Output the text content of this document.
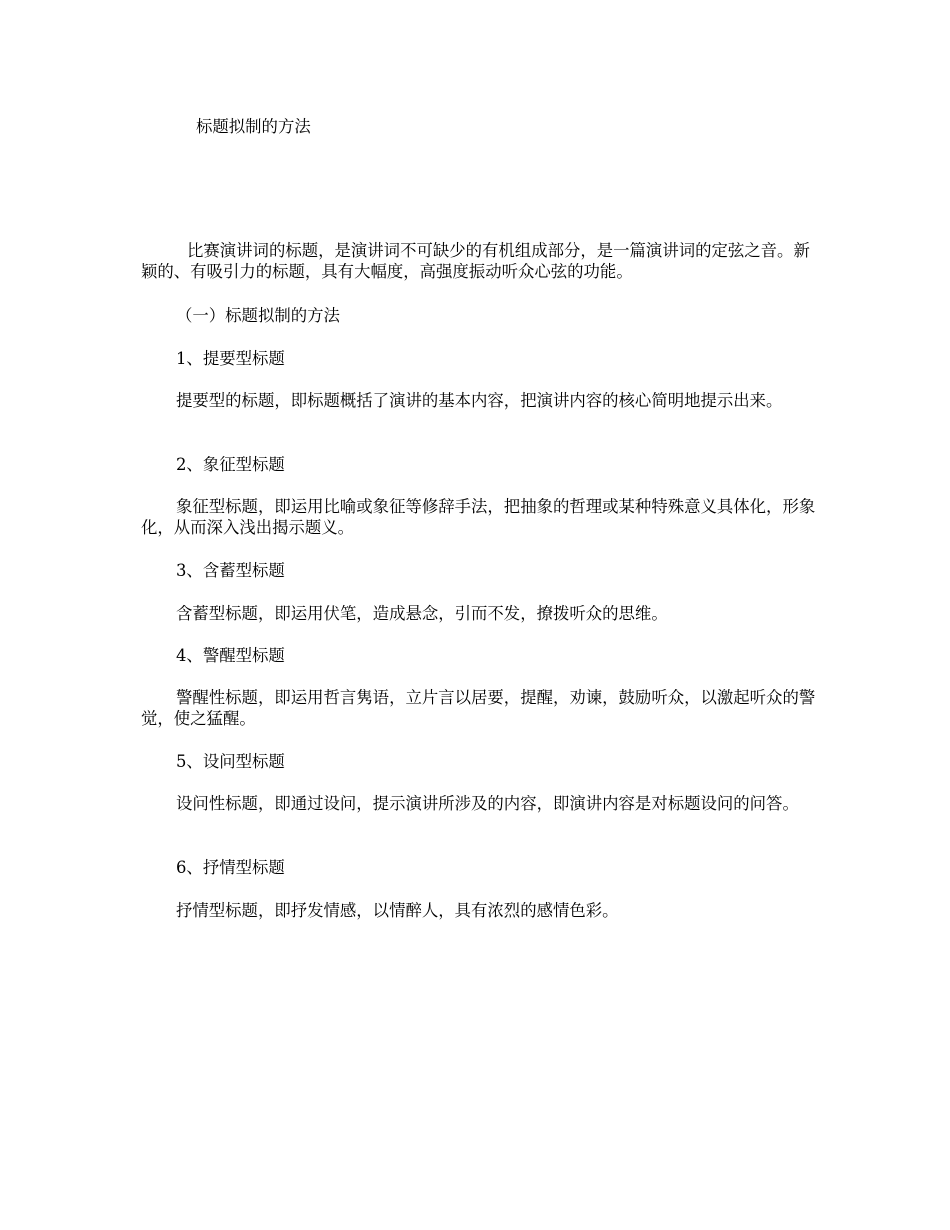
标题拟制的方法
比赛演讲词的标题，是演讲词不可缺少的有机组成部分，是一篇演讲词的定弦之音。新颖的、有吸引力的标题，具有大幅度，高强度振动听众心弦的功能。
（一）标题拟制的方法
1、提要型标题
提要型的标题，即标题概括了演讲的基本内容，把演讲内容的核心简明地提示出来。
2、象征型标题
象征型标题，即运用比喻或象征等修辞手法，把抽象的哲理或某种特殊意义具体化，形象化，从而深入浅出揭示题义。
3、含蓄型标题
含蓄型标题，即运用伏笔，造成悬念，引而不发，撩拨听众的思维。
4、警醒型标题
警醒性标题，即运用哲言隽语，立片言以居要，提醒，劝谏，鼓励听众，以激起听众的警觉，使之猛醒。
5、设问型标题
设问性标题，即通过设问，提示演讲所涉及的内容，即演讲内容是对标题设问的问答。
6、抒情型标题
抒情型标题，即抒发情感，以情醉人，具有浓烈的感情色彩。
